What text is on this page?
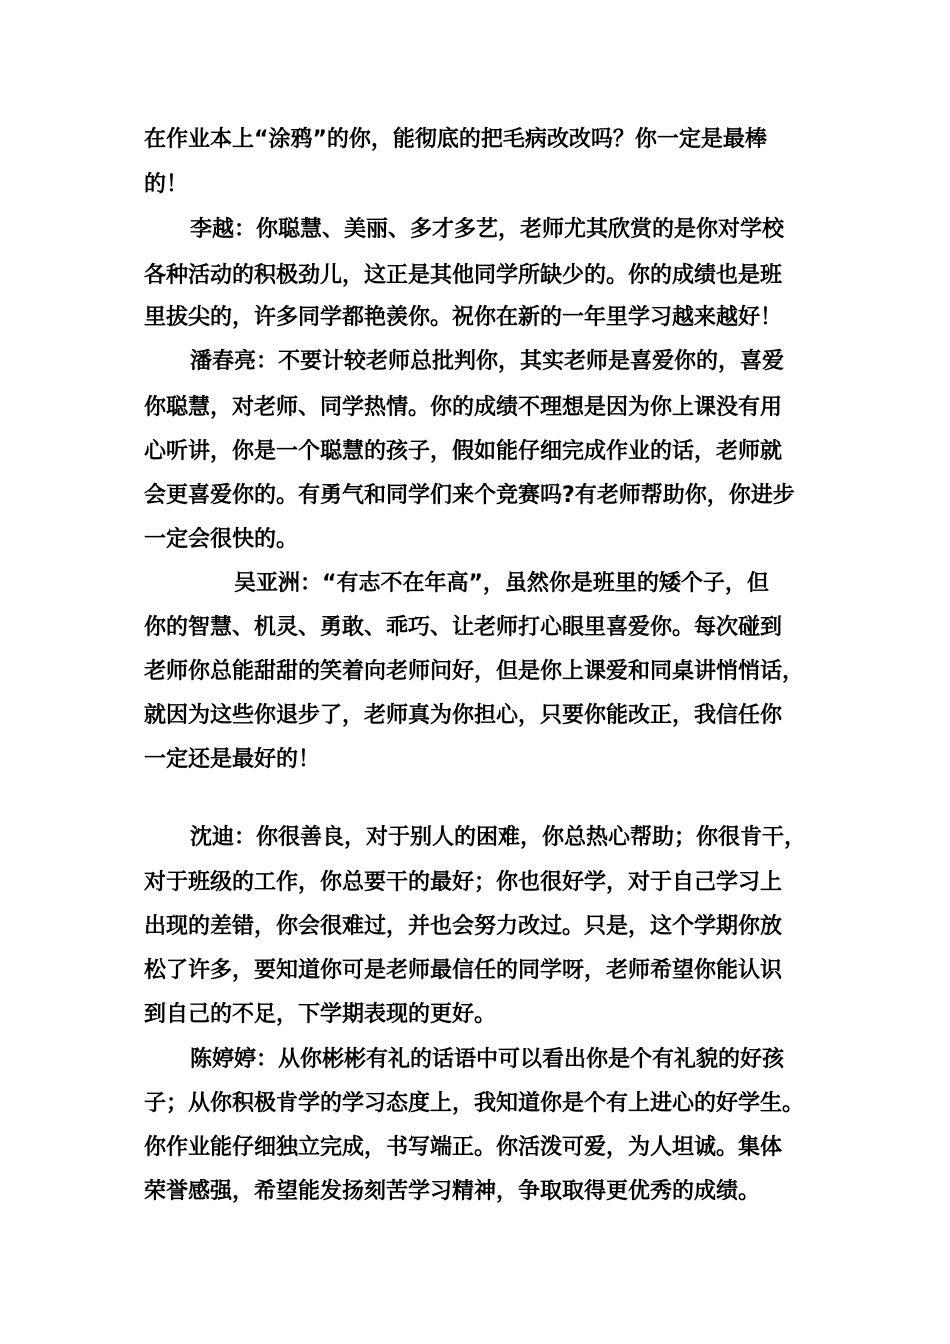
在作业本上“涂鸦”的你，能彻底的把毛病改改吗？你一定是最棒
的！
李越：你聪慧、美丽、多才多艺，老师尤其欣赏的是你对学校
各种活动的积极劲儿，这正是其他同学所缺少的。你的成绩也是班
里拔尖的，许多同学都艳羡你。祝你在新的一年里学习越来越好！
潘春亮：不要计较老师总批判你，其实老师是喜爱你的，喜爱
你聪慧，对老师、同学热情。你的成绩不理想是因为你上课没有用
心听讲，你是一个聪慧的孩子，假如能仔细完成作业的话，老师就
会更喜爱你的。有勇气和同学们来个竞赛吗?有老师帮助你，你进步
一定会很快的。
吴亚洲：“有志不在年高”，虽然你是班里的矮个子，但
你的智慧、机灵、勇敢、乖巧、让老师打心眼里喜爱你。每次碰到
老师你总能甜甜的笑着向老师问好，但是你上课爱和同桌讲悄悄话，
就因为这些你退步了，老师真为你担心，只要你能改正，我信任你
一定还是最好的！
沈迪：你很善良，对于别人的困难，你总热心帮助；你很肯干，
对于班级的工作，你总要干的最好；你也很好学，对于自己学习上
出现的差错，你会很难过，并也会努力改过。只是，这个学期你放
松了许多，要知道你可是老师最信任的同学呀，老师希望你能认识
到自己的不足，下学期表现的更好。
陈婷婷：从你彬彬有礼的话语中可以看出你是个有礼貌的好孩
子；从你积极肯学的学习态度上，我知道你是个有上进心的好学生。
你作业能仔细独立完成，书写端正。你活泼可爱，为人坦诚。集体
荣誉感强，希望能发扬刻苦学习精神，争取取得更优秀的成绩。
